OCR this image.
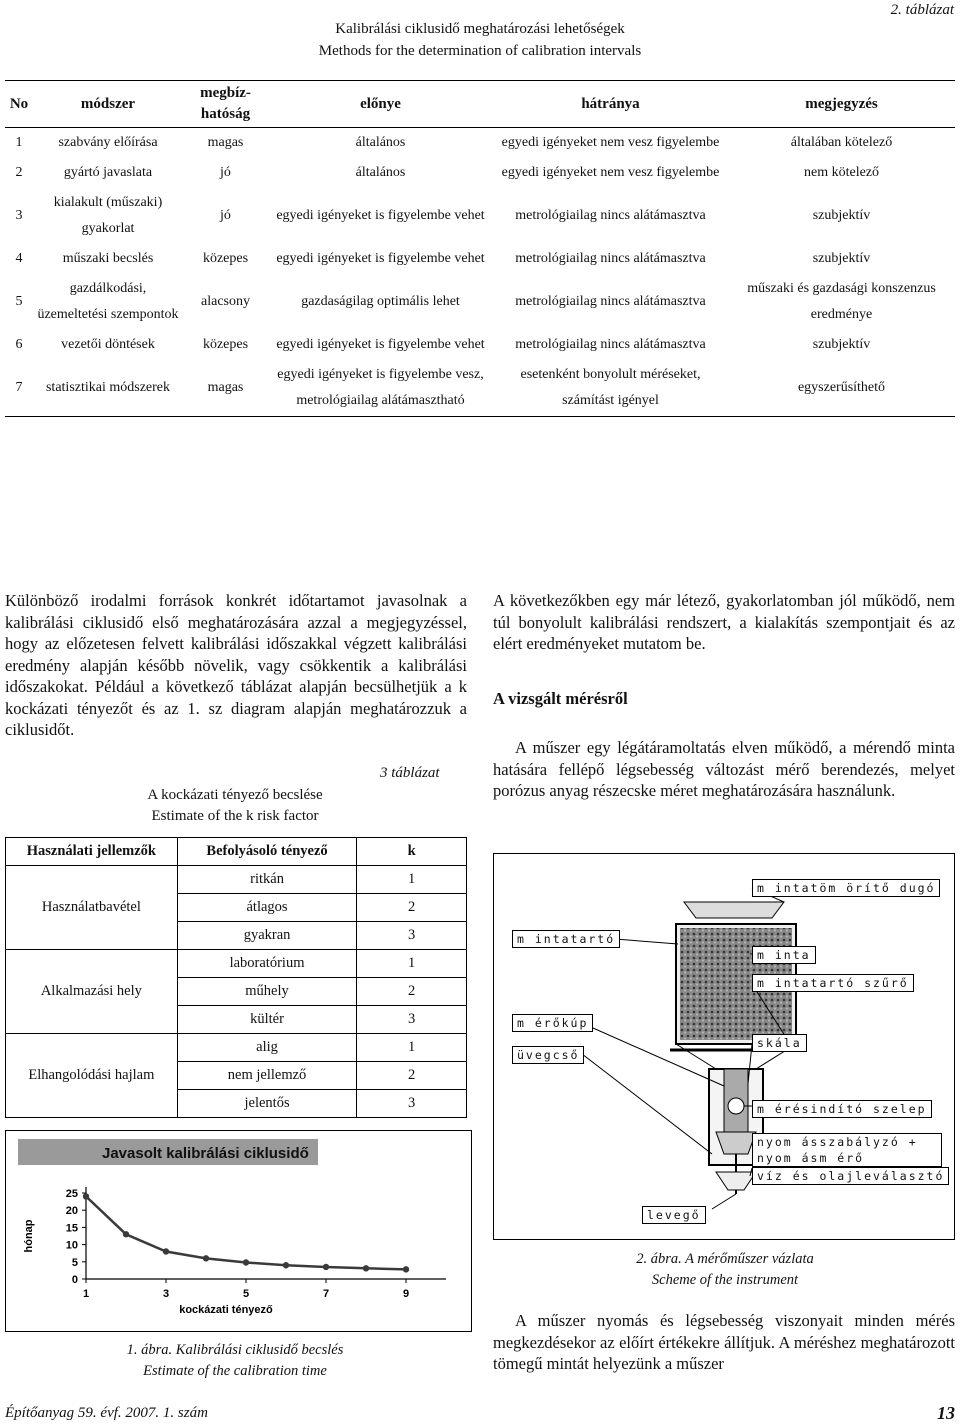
2. táblázat
Kalibrálási ciklusidő meghatározási lehetőségek
Methods for the determination of calibration intervals
No	módszer	megbíz-hatóság	előnye	hátránya	megjegyzés
1	szabvány előírása	magas	általános	egyedi igényeket nem vesz figyelembe	általában kötelező
2	gyártó javaslata	jó	általános	egyedi igényeket nem vesz figyelembe	nem kötelező
3	kialakult (műszaki) gyakorlat	jó	egyedi igényeket is figyelembe vehet	metrológiailag nincs alátámasztva	szubjektív
4	műszaki becslés	közepes	egyedi igényeket is figyelembe vehet	metrológiailag nincs alátámasztva	szubjektív
5	gazdálkodási, üzemeltetési szempontok	alacsony	gazdaságilag optimális lehet	metrológiailag nincs alátámasztva	műszaki és gazdasági konszenzus eredménye
6	vezetői döntések	közepes	egyedi igényeket is figyelembe vehet	metrológiailag nincs alátámasztva	szubjektív
7	statisztikai módszerek	magas	egyedi igényeket is figyelembe vesz, metrológiailag alátámasztható	esetenként bonyolult méréseket, számítást igényel	egyszerűsíthető
Különböző irodalmi források konkrét időtartamot javasolnak a kalibrálási ciklusidő első meghatározására azzal a megjegyzéssel, hogy az előzetesen felvett kalibrálási időszakkal végzett kalibrálási eredmény alapján később növelik, vagy csökkentik a kalibrálási időszakokat. Például a következő táblázat alapján becsülhetjük a k kockázati tényezőt és az 1. sz diagram alapján meghatározzuk a ciklusidőt.
A következőkben egy már létező, gyakorlatomban jól működő, nem túl bonyolult kalibrálási rendszert, a kialakítás szempontjait és az elért eredményeket mutatom be.
A vizsgált mérésről
A műszer egy légátáramoltatás elven működő, a mérendő minta hatására fellépő légsebesség változást mérő berendezés, melyet porózus anyag részecske méret meghatározására használunk.
3 táblázat
A kockázati tényező becslése
Estimate of the k risk factor
Használati jellemzők	Befolyásoló tényező	k
Használatbavétel	ritkán	1
	átlagos	2
	gyakran	3
Alkalmazási hely	laboratórium	1
	műhely	2
	kültér	3
Elhangolódási hajlam	alig	1
	nem jellemző	2
	jelentős	3
Javasolt kalibrálási ciklusidő
0
5
10
15
20
25
1	3	5	7	9
kockázati tényező
hónap
1. ábra. Kalibrálási ciklusidő becslés
Estimate of the calibration time
m intatöm örítő dugó
m intatartó
m inta
m intatartó szűrő
m érőkúp
skála
üvegcső
m érésindító szelep
nyom ásszabályzó + nyom ásm érő
víz és olajleválasztó
levegő
2. ábra. A mérőműszer vázlata
Scheme of the instrument
A műszer nyomás és légsebesség viszonyait minden mérés megkezdésekor az előírt értékekre állítjuk. A méréshez meghatározott tömegű mintát helyezünk a műszer
Építőanyag 59. évf. 2007. 1. szám	13
